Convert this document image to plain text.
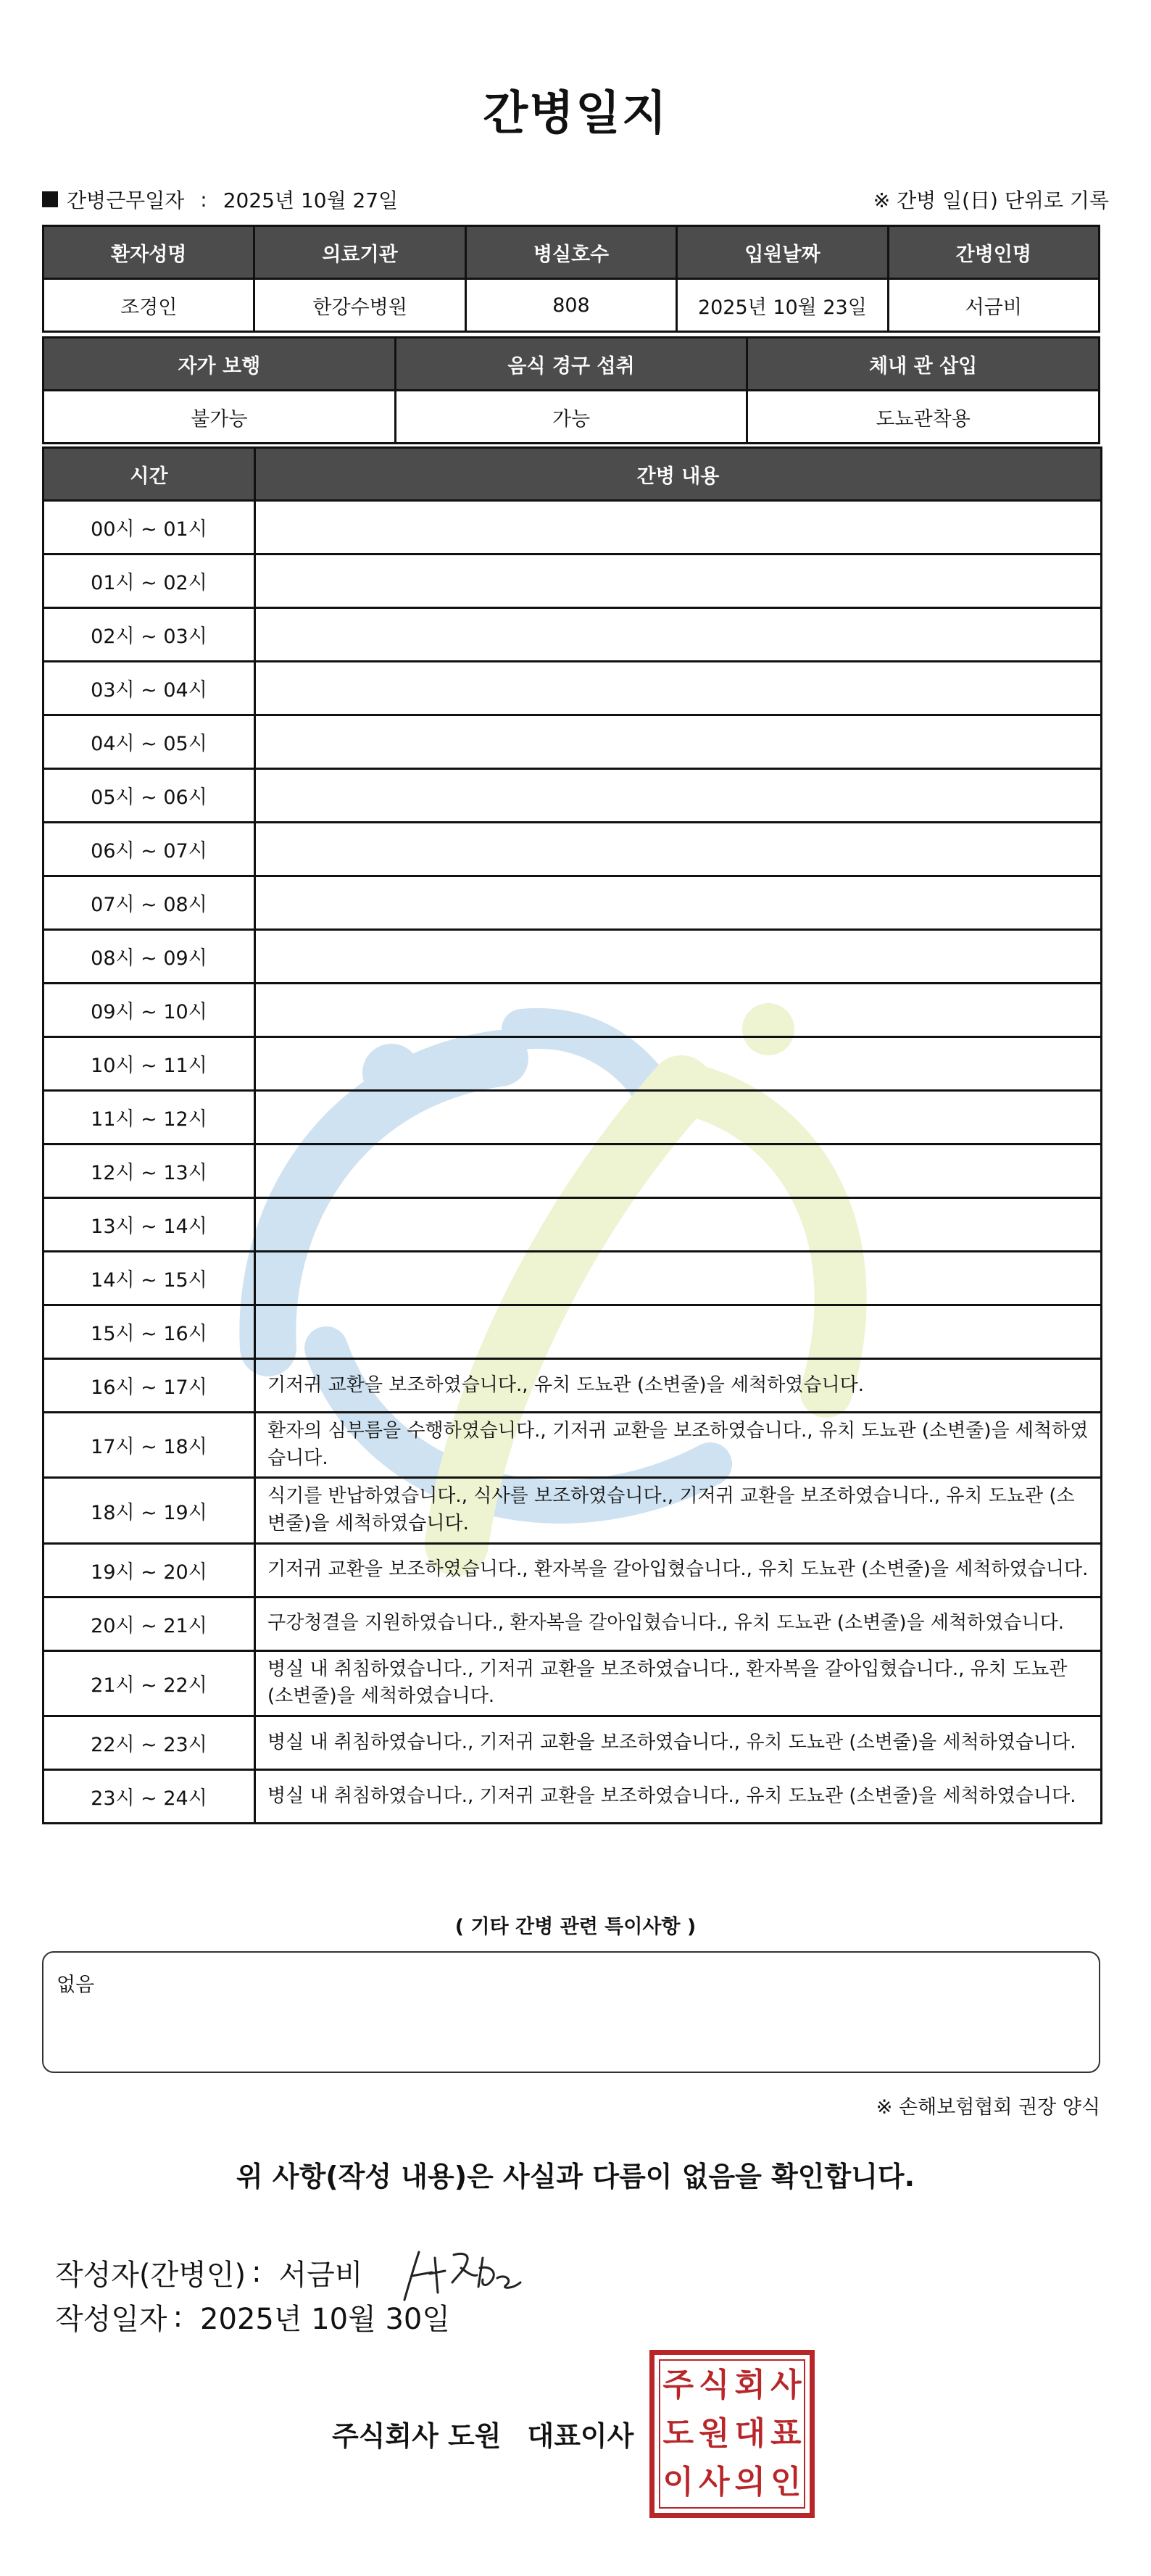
간병일지
간병근무일자 : 2025년 10월 27일	※ 간병 일(日) 단위로 기록
환자성명	의료기관	병실호수	입원날짜	간병인명
조경인	한강수병원	808	2025년 10월 23일	서금비
자가 보행	음식 경구 섭취	체내 관 삽입
불가능	가능	도뇨관착용
시간	간병 내용
00시 ~ 01시	
01시 ~ 02시	
02시 ~ 03시	
03시 ~ 04시	
04시 ~ 05시	
05시 ~ 06시	
06시 ~ 07시	
07시 ~ 08시	
08시 ~ 09시	
09시 ~ 10시	
10시 ~ 11시	
11시 ~ 12시	
12시 ~ 13시	
13시 ~ 14시	
14시 ~ 15시	
15시 ~ 16시	
16시 ~ 17시	기저귀 교환을 보조하였습니다., 유치 도뇨관 (소변줄)을 세척하였습니다.
17시 ~ 18시	환자의 심부름을 수행하였습니다., 기저귀 교환을 보조하였습니다., 유치 도뇨관 (소변줄)을 세척하였습니다.
18시 ~ 19시	식기를 반납하였습니다., 식사를 보조하였습니다., 기저귀 교환을 보조하였습니다., 유치 도뇨관 (소변줄)을 세척하였습니다.
19시 ~ 20시	기저귀 교환을 보조하였습니다., 환자복을 갈아입혔습니다., 유치 도뇨관 (소변줄)을 세척하였습니다.
20시 ~ 21시	구강청결을 지원하였습니다., 환자복을 갈아입혔습니다., 유치 도뇨관 (소변줄)을 세척하였습니다.
21시 ~ 22시	병실 내 취침하였습니다., 기저귀 교환을 보조하였습니다., 환자복을 갈아입혔습니다., 유치 도뇨관 (소변줄)을 세척하였습니다.
22시 ~ 23시	병실 내 취침하였습니다., 기저귀 교환을 보조하였습니다., 유치 도뇨관 (소변줄)을 세척하였습니다.
23시 ~ 24시	병실 내 취침하였습니다., 기저귀 교환을 보조하였습니다., 유치 도뇨관 (소변줄)을 세척하였습니다.
( 기타 간병 관련 특이사항 )
없음
※ 손해보험협회 권장 양식
위 사항(작성 내용)은 사실과 다름이 없음을 확인합니다.
작성자(간병인) : 서금비
작성일자 : 2025년 10월 30일
주식회사 도원 대표이사
주 식 회 사
도 원 대 표
이 사 의 인
